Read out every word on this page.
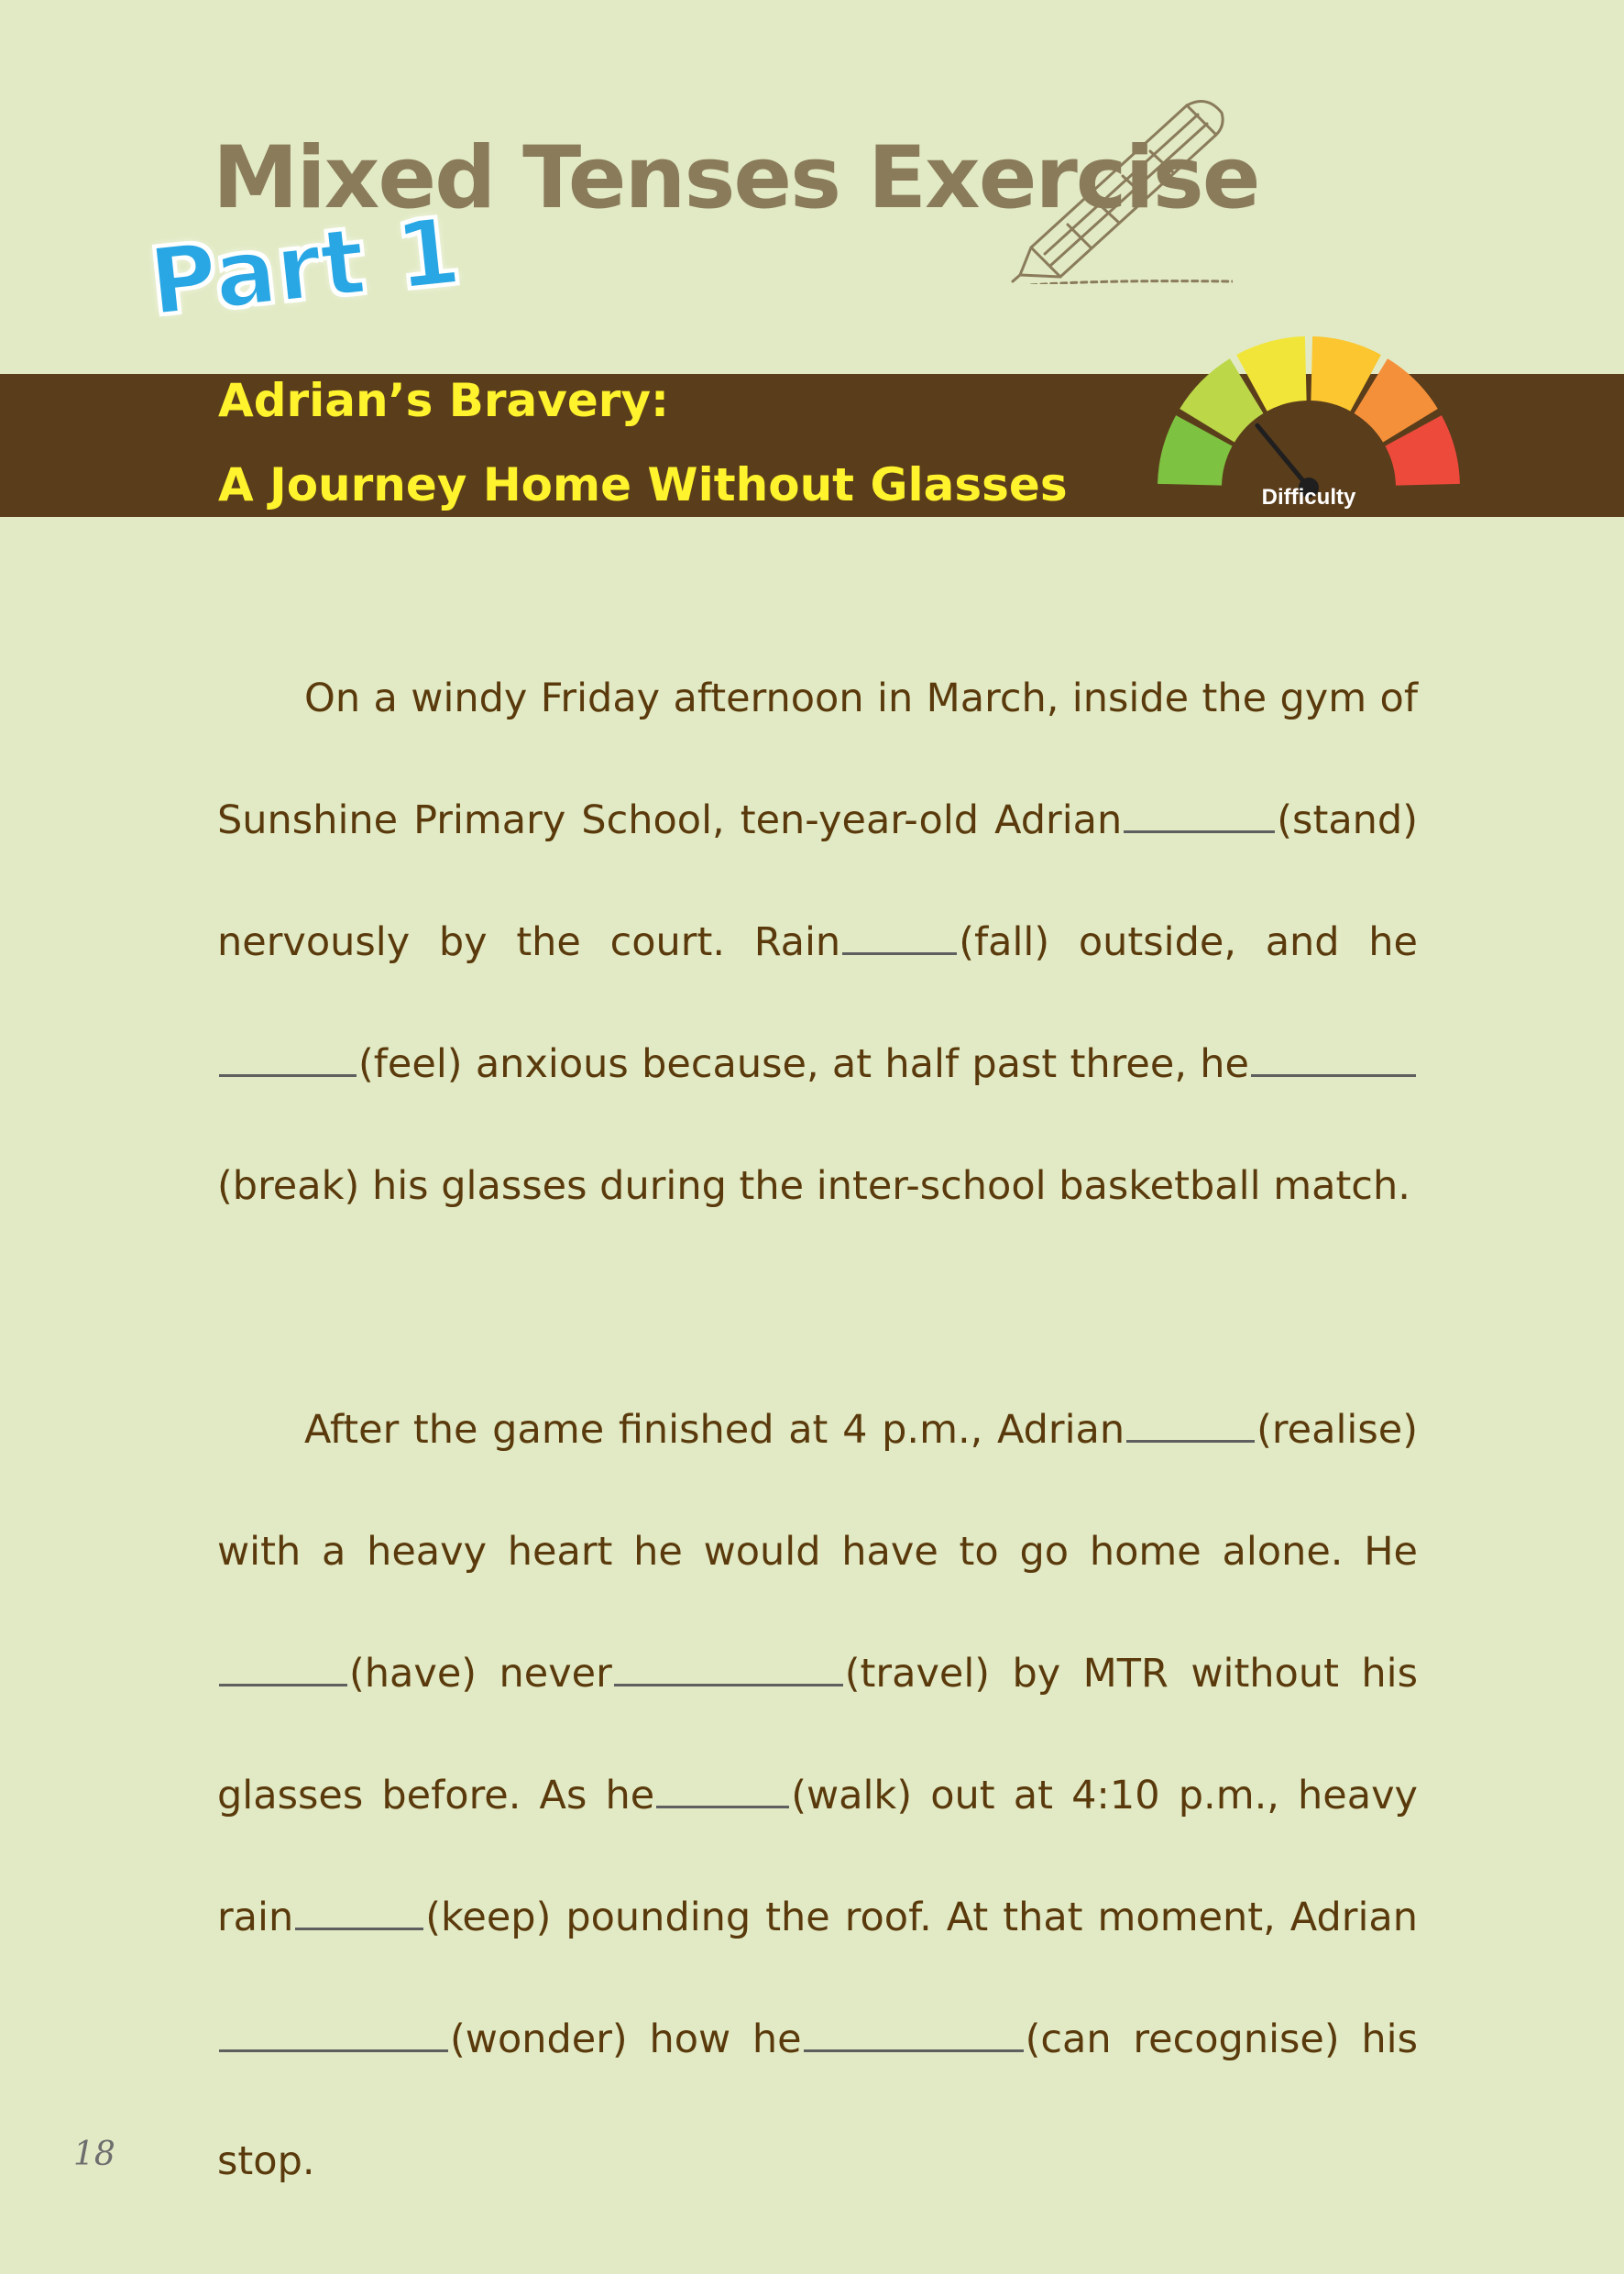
Mixed Tenses Exercise
Part 1
Adrian’s Bravery:
A Journey Home Without Glasses	Difficulty

On a windy Friday afternoon in March, inside the gym of Sunshine Primary School, ten-year-old Adrian	(stand) nervously by the court. Rain	(fall) outside, and he(feel) anxious because, at half past three, he(break) his glasses during the inter-school basketball match.

After the game finished at 4 p.m., Adrian	(realise) with a heavy heart he would have to go home alone. He(have) never	(travel) by MTR without his glasses before. As he	(walk) out at 4:10 p.m., heavy rain	(keep) pounding the roof. At that moment, Adrian(wonder) how he	(can recognise) his stop.

18
